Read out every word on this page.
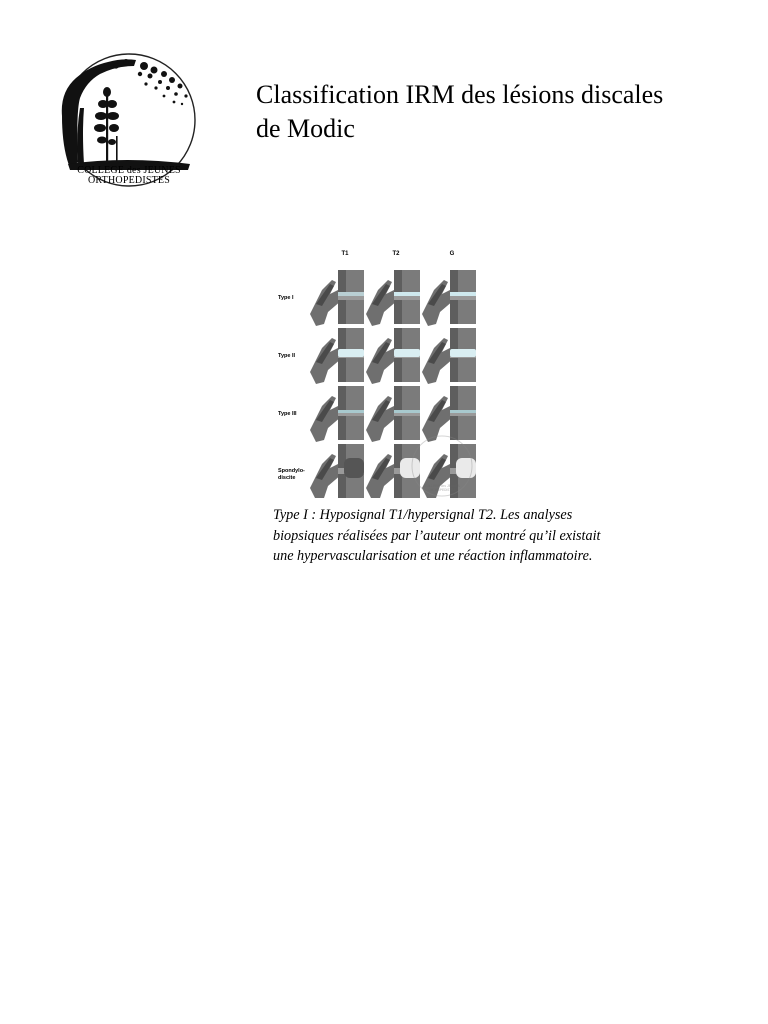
COLLEGE des JEUNES
ORTHOPEDISTES
Classification IRM des lésions discales de Modic
T1	T2	G
Type I
Type II
Type III
Spondylo-
discite
COLLEGE des JEUNES
ORTHOPEDISTES

Type I : Hyposignal T1/hypersignal T2. Les analyses biopsiques réalisées par l’auteur ont montré qu’il existait une hypervascularisation et une réaction inflammatoire.
